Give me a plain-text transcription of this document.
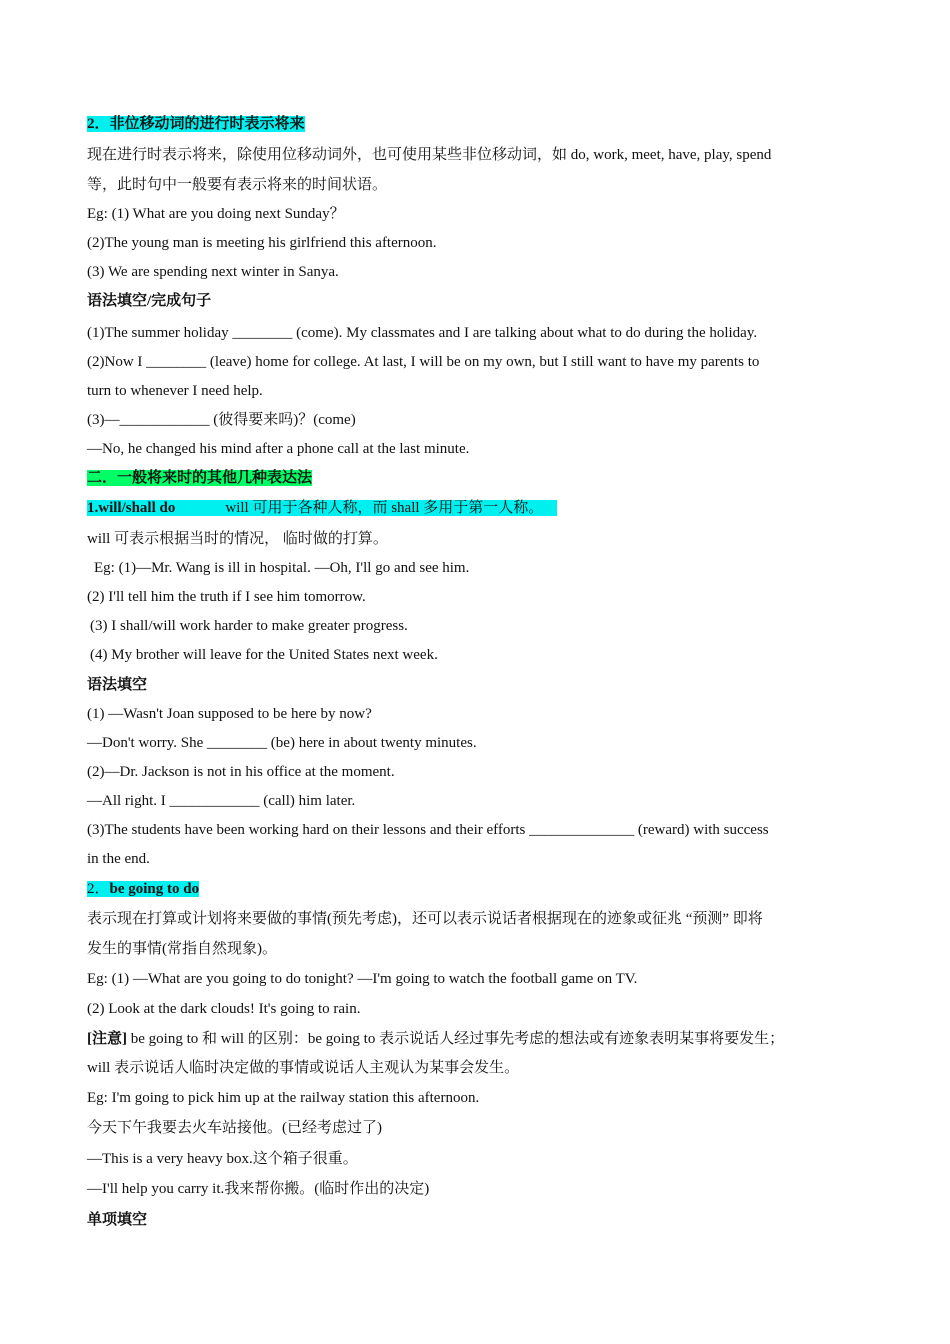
2．非位移动词的进行时表示将来
现在进行时表示将来，除使用位移动词外，也可使用某些非位移动词，如 do, work, meet, have, play, spend
等，此时句中一般要有表示将来的时间状语。
Eg: (1) What are you doing next Sunday？
(2)The young man is meeting his girlfriend this afternoon.
(3) We are spending next winter in Sanya.
语法填空/完成句子
(1)The summer holiday ________ (come). My classmates and I are talking about what to do during the holiday.
(2)Now I ________ (leave) home for college. At last, I will be on my own, but I still want to have my parents to
turn to whenever I need help.
(3)—____________ (彼得要来吗)？(come)
—No, he changed his mind after a phone call at the last minute.
二．一般将来时的其他几种表达法
1.will/shall do	will 可用于各种人称，而 shall 多用于第一人称。
will 可表示根据当时的情况， 临时做的打算。
Eg: (1)—Mr. Wang is ill in hospital. —Oh, I'll go and see him.
(2) I'll tell him the truth if I see him tomorrow.
(3) I shall/will work harder to make greater progress.
(4) My brother will leave for the United States next week.
语法填空
(1) —Wasn't Joan supposed to be here by now?
—Don't worry. She ________ (be) here in about twenty minutes.
(2)—Dr. Jackson is not in his office at the moment.
—All right. I ____________ (call) him later.
(3)The students have been working hard on their lessons and their efforts ______________ (reward) with success
in the end.
2．be going to do
表示现在打算或计划将来要做的事情(预先考虑)，还可以表示说话者根据现在的迹象或征兆 “预测” 即将
发生的事情(常指自然现象)。
Eg: (1) —What are you going to do tonight? —I'm going to watch the football game on TV.
(2) Look at the dark clouds! It's going to rain.
[注意] be going to 和 will 的区别：be going to 表示说话人经过事先考虑的想法或有迹象表明某事将要发生；
will 表示说话人临时决定做的事情或说话人主观认为某事会发生。
Eg: I'm going to pick him up at the railway station this afternoon.
今天下午我要去火车站接他。(已经考虑过了)
—This is a very heavy box.这个箱子很重。
—I'll help you carry it.我来帮你搬。(临时作出的决定)
单项填空
